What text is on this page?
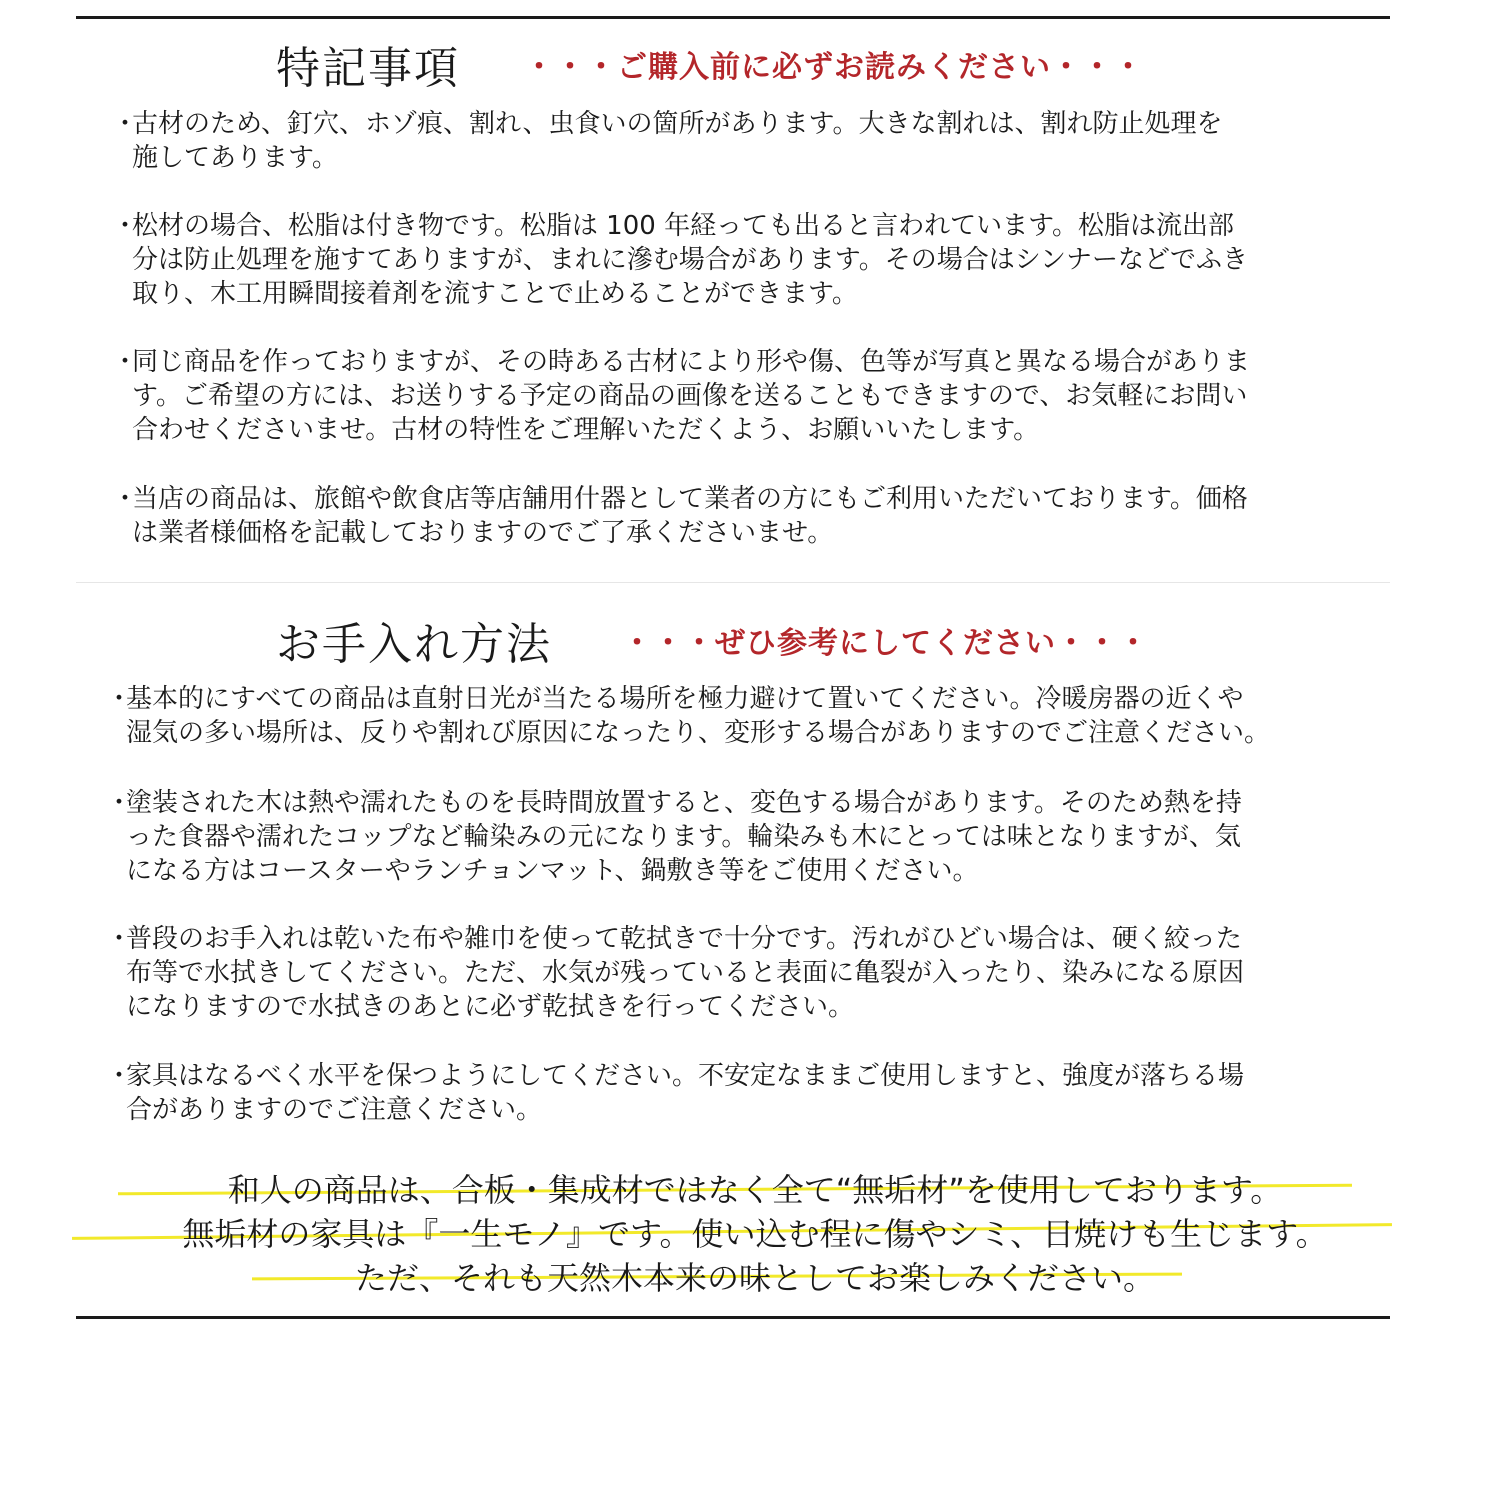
特記事項 ・・・ご購入前に必ずお読みください・・・
・
古材のため、釘穴、ホゾ痕、割れ、虫食いの箇所があります。大きな割れは、割れ防止処理を
施してあります。
・
松材の場合、松脂は付き物です。松脂は 100 年経っても出ると言われています。松脂は流出部
分は防止処理を施すてありますが、まれに滲む場合があります。その場合はシンナーなどでふき
取り、木工用瞬間接着剤を流すことで止めることができます。
・
同じ商品を作っておりますが、その時ある古材により形や傷、色等が写真と異なる場合がありま
す。ご希望の方には、お送りする予定の商品の画像を送ることもできますので、お気軽にお問い
合わせくださいませ。古材の特性をご理解いただくよう、お願いいたします。
・
当店の商品は、旅館や飲食店等店舗用什器として業者の方にもご利用いただいております。価格
は業者様価格を記載しておりますのでご了承くださいませ。
お手入れ方法 ・・・ぜひ参考にしてください・・・
・
基本的にすべての商品は直射日光が当たる場所を極力避けて置いてください。冷暖房器の近くや
湿気の多い場所は、反りや割れび原因になったり、変形する場合がありますのでご注意ください。
・
塗装された木は熱や濡れたものを長時間放置すると、変色する場合があります。そのため熱を持
った食器や濡れたコップなど輪染みの元になります。輪染みも木にとっては味となりますが、気
になる方はコースターやランチョンマット、鍋敷き等をご使用ください。
・
普段のお手入れは乾いた布や雑巾を使って乾拭きで十分です。汚れがひどい場合は、硬く絞った
布等で水拭きしてください。ただ、水気が残っていると表面に亀裂が入ったり、染みになる原因
になりますので水拭きのあとに必ず乾拭きを行ってください。
・
家具はなるべく水平を保つようにしてください。不安定なままご使用しますと、強度が落ちる場
合がありますのでご注意ください。
和人の商品は、合板・集成材ではなく全て“無垢材”を使用しております。
無垢材の家具は『一生モノ』です。使い込む程に傷やシミ、日焼けも生じます。
ただ、それも天然木本来の味としてお楽しみください。
